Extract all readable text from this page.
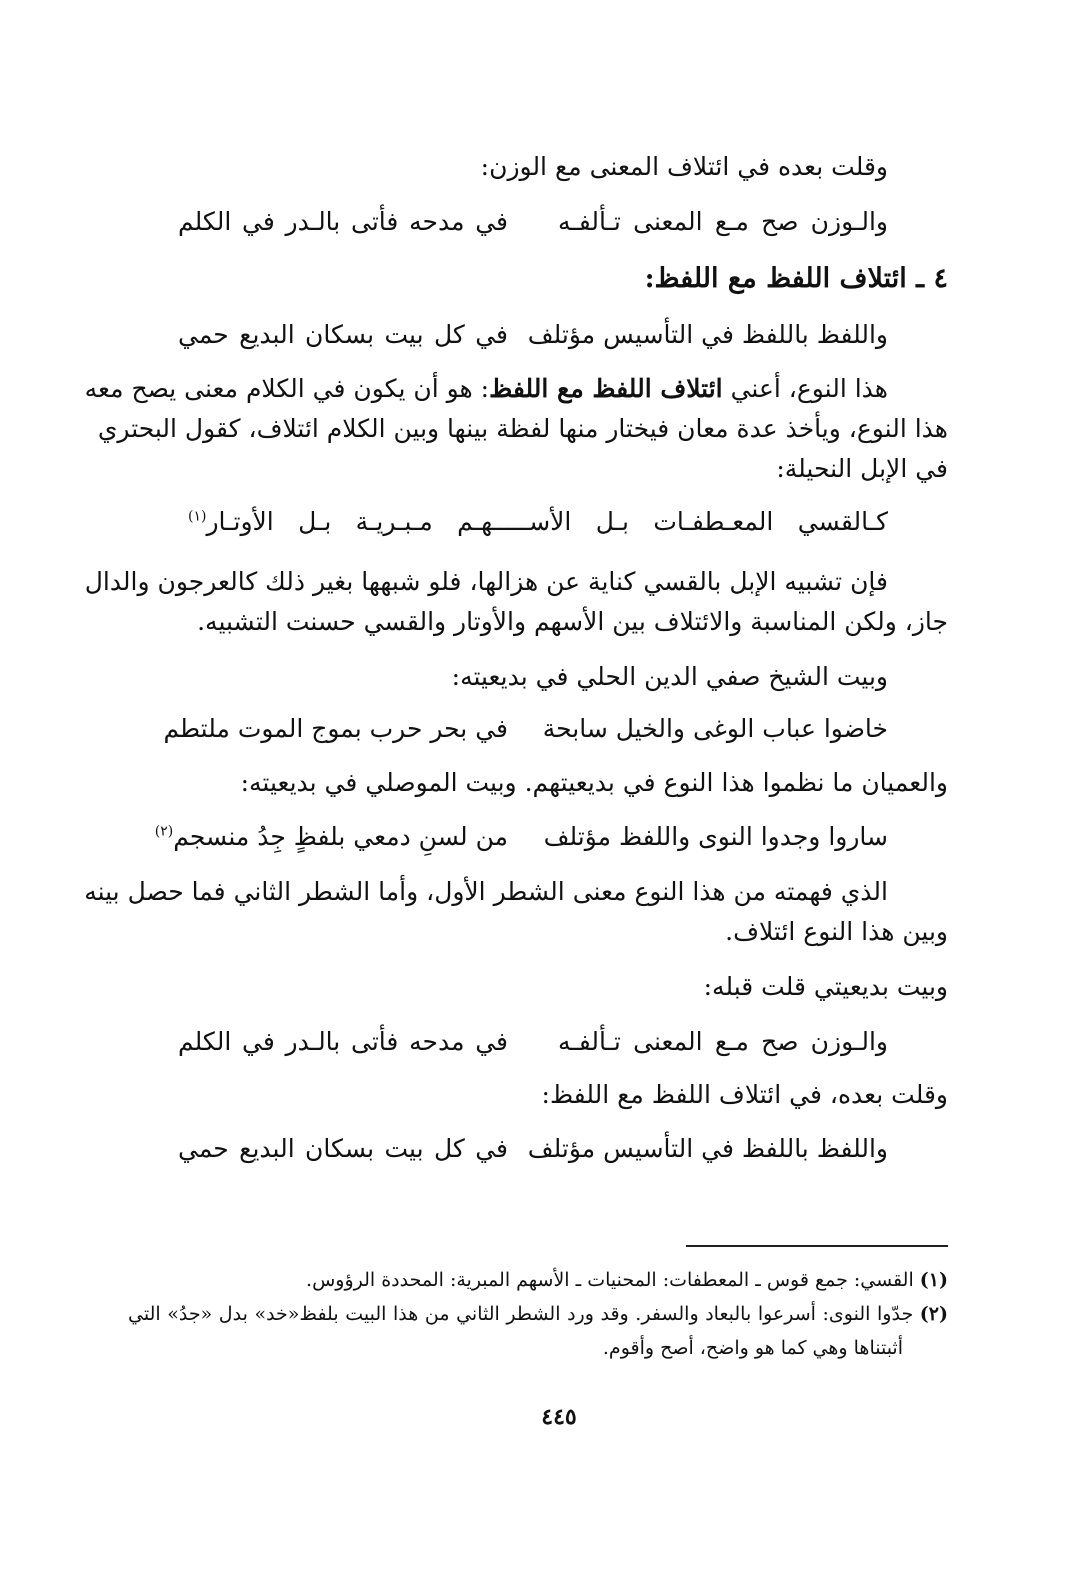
وقلت بعده في ائتلاف المعنى مع الوزن:
والـوزن صح مـع المعنى تـألفـه
في مدحه فأتى بالـدر في الكلم
٤ ـ ائتلاف اللفظ مع اللفظ:
واللفظ باللفظ في التأسيس مؤتلف
في كل بيت بسكان البديع حمي
هذا النوع، أعني ائتلاف اللفظ مع اللفظ: هو أن يكون في الكلام معنى يصح معه
هذا النوع، ويأخذ عدة معان فيختار منها لفظة بينها وبين الكلام ائتلاف، كقول البحتري
في الإبل النحيلة:
كـالقسي المعـطفـات بـل الأســـــهـم مـبـريـة بـل الأوتـار$^{(١)}$
فإن تشبيه الإبل بالقسي كناية عن هزالها، فلو شبهها بغير ذلك كالعرجون والدال
جاز، ولكن المناسبة والائتلاف بين الأسهم والأوتار والقسي حسنت التشبيه.
وبيت الشيخ صفي الدين الحلي في بديعيته:
خاضوا عباب الوغى والخيل سابحة
في بحر حرب بموج الموت ملتطم
والعميان ما نظموا هذا النوع في بديعيتهم. وبيت الموصلي في بديعيته:
ساروا وجدوا النوى واللفظ مؤتلف
من لسنِ دمعي بلفظٍ جِدُ منسجم$^{(٢)}$
الذي فهمته من هذا النوع معنى الشطر الأول، وأما الشطر الثاني فما حصل بينه
وبين هذا النوع ائتلاف.
وبيت بديعيتي قلت قبله:
والـوزن صح مـع المعنى تـألفـه
في مدحه فأتى بالـدر في الكلم
وقلت بعده، في ائتلاف اللفظ مع اللفظ:
واللفظ باللفظ في التأسيس مؤتلف
في كل بيت بسكان البديع حمي
(١) القسي: جمع قوس ـ المعطفات: المحنيات ـ الأسهم المبرية: المحددة الرؤوس.
(٢) جدّوا النوى: أسرعوا بالبعاد والسفر. وقد ورد الشطر الثاني من هذا البيت بلفظ«خد» بدل «جدُ» التي
أثبتناها وهي كما هو واضح، أصح وأقوم.
٤٤٥
